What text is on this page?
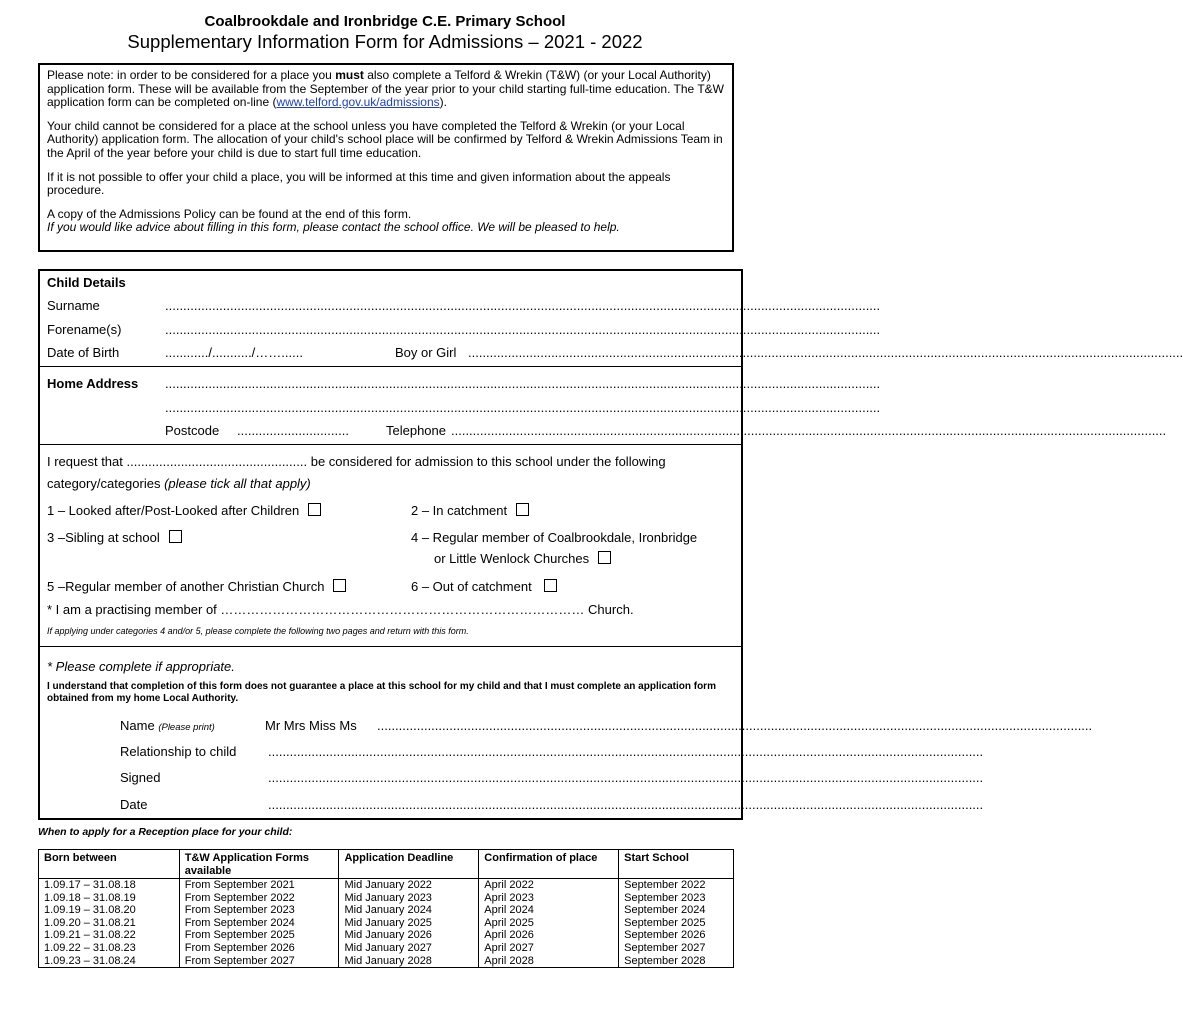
Coalbrookdale and Ironbridge C.E. Primary School
Supplementary Information Form for Admissions – 2021 - 2022

Please note: in order to be considered for a place you must also complete a Telford & Wrekin (T&W) (or your Local Authority) application form. These will be available from the September of the year prior to your child starting full-time education. The T&W application form can be completed on-line (www.telford.gov.uk/admissions).

Your child cannot be considered for a place at the school unless you have completed the Telford & Wrekin (or your Local Authority) application form. The allocation of your child's school place will be confirmed by Telford & Wrekin Admissions Team in the April of the year before your child is due to start full time education.

If it is not possible to offer your child a place, you will be informed at this time and given information about the appeals procedure.

A copy of the Admissions Policy can be found at the end of this form.

If you would like advice about filling in this form, please contact the school office. We will be pleased to help.

Child Details
Surname	......................................................................................................................................................................................................
Forename(s)	......................................................................................................................................................................................................
Date of Birth	............/.........../……......	Boy or Girl ......................................................................................................................................................................................................
Home Address ......................................................................................................................................................................................................
......................................................................................................................................................................................................
Postcode ...............................	Telephone ......................................................................................................................................................................................................
I request that .................................................. be considered for admission to this school under the following
category/categories (please tick all that apply)
1 – Looked after/Post-Looked after Children	2 – In catchment
3 –Sibling at school	4 – Regular member of Coalbrookdale, Ironbridge
or Little Wenlock Churches
5 –Regular member of another Christian Church	6 – Out of catchment
* I am a practising member of ………………………………………………………………………… Church.
If applying under categories 4 and/or 5, please complete the following two pages and return with this form.
* Please complete if appropriate.
I understand that completion of this form does not guarantee a place at this school for my child and that I must complete an application form obtained from my home Local Authority.
Name (Please print)	Mr Mrs Miss Ms ......................................................................................................................................................................................................
Relationship to child ......................................................................................................................................................................................................
Signed	......................................................................................................................................................................................................
Date	......................................................................................................................................................................................................
When to apply for a Reception place for your child:
Born between	T&W Application Forms available	Application Deadline	Confirmation of place	Start School
1.09.17 – 31.08.18	From September 2021	Mid January 2022	April 2022	September 2022
1.09.18 – 31.08.19	From September 2022	Mid January 2023	April 2023	September 2023
1.09.19 – 31.08.20	From September 2023	Mid January 2024	April 2024	September 2024
1.09.20 – 31.08.21	From September 2024	Mid January 2025	April 2025	September 2025
1.09.21 – 31.08.22	From September 2025	Mid January 2026	April 2026	September 2026
1.09.22 – 31.08.23	From September 2026	Mid January 2027	April 2027	September 2027
1.09.23 – 31.08.24	From September 2027	Mid January 2028	April 2028	September 2028
